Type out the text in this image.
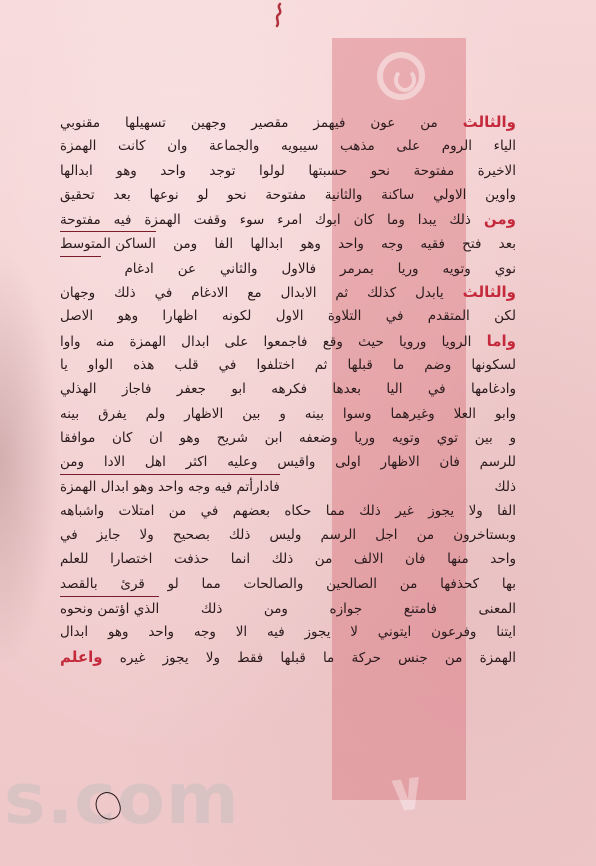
والثالث من عون فيهمز مقصير وجهين تسهيلها مقنوبي
الياء الروم على مذهب سيبويه والجماعة وان كانت الهمزة
الاخيرة مفتوحة نحو حسبتها لولوا توجد واحد وهو ابدالها
واوين الاولي ساكنة والثانية مفتوحة نحو لو نوعها بعد تحقيق
ومن ذلك يبدا وما كان ابوك امرء سوء وقفت الهمزة فيه مفتوحة
بعد فتح فقيه وجه واحد وهو ابدالها الفا ومن الساكن المتوسط
نوي وتويه وريا بمرمر فالاول والثاني عن ادغام    
والثالث يابدل كذلك ثم الابدال مع الادغام في ذلك وجهان
لكن المتقدم في التلاوة الاول لكونه اظهارا وهو الاصل
واما الرويا ورويا حيث وقع فاجمعوا على ابدال الهمزة منه واوا
لسكونها وضم ما قبلها ثم اختلفوا في قلب هذه الواو يا
وادغامها في اليا بعدها فكرهه ابو جعفر فاجاز الهذلي
وابو العلا وغيرهما وسوا بينه و بين الاظهار ولم يفرق بينه
و بين توي وتويه وريا وضعفه ابن شريح وهو ان كان موافقا
للرسم فان الاظهار اولى واقيس وعليه اكثر اهل الادا ومن
ذلك فادارأتم فيه وجه واحد وهو ابدال الهمزة
الفا ولا يجوز غير ذلك مما حكاه بعضهم في من امتلات واشباهه
وبستاخرون من اجل الرسم وليس ذلك بصحيح ولا جايز في
واحد منها فان الالف من ذلك انما حذفت اختصارا للعلم
بها كحذفها من الصالحين والصالحات مما لو قرئ بالقصد
المعنى فامتنع جوازه ومن ذلك الذي اؤتمن ونحوه
ايتنا وفرعون ايتوني لا يجوز فيه الا وجه واحد وهو ابدال
الهمزة من جنس حركة ما قبلها فقط ولا يجوز غيره واعلم
s.com	∨
